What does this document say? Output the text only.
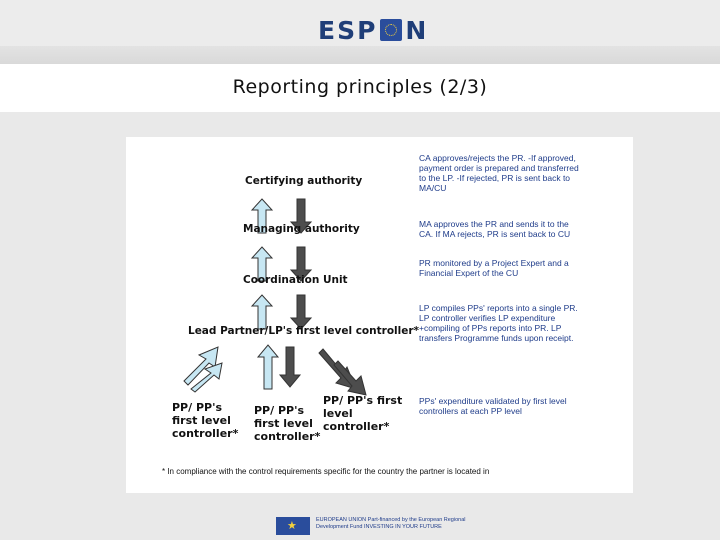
ESP N
Reporting principles (2/3)
Certifying authority
Managing authority
Coordination Unit
Lead Partner/LP's first level controller*
PP/ PP's first level controller*
PP/ PP's first level controller*
PP/ PP's first level controller*
CA approves/rejects the PR. -If approved, payment order is prepared and transferred to the LP. -If rejected, PR is sent back to MA/CU
MA approves the PR and sends it to the CA. If MA rejects, PR is sent back to CU
PR monitored by a Project Expert and a Financial Expert of the CU
LP compiles PPs' reports into a single PR. LP controller verifies LP expenditure +compiling of PPs reports into PR. LP transfers Programme funds upon receipt.
PPs' expenditure validated by first level controllers at each PP level
* In compliance with the control requirements specific for the country the partner is located in
★
EUROPEAN UNION Part-financed by the European Regional Development Fund INVESTING IN YOUR FUTURE
